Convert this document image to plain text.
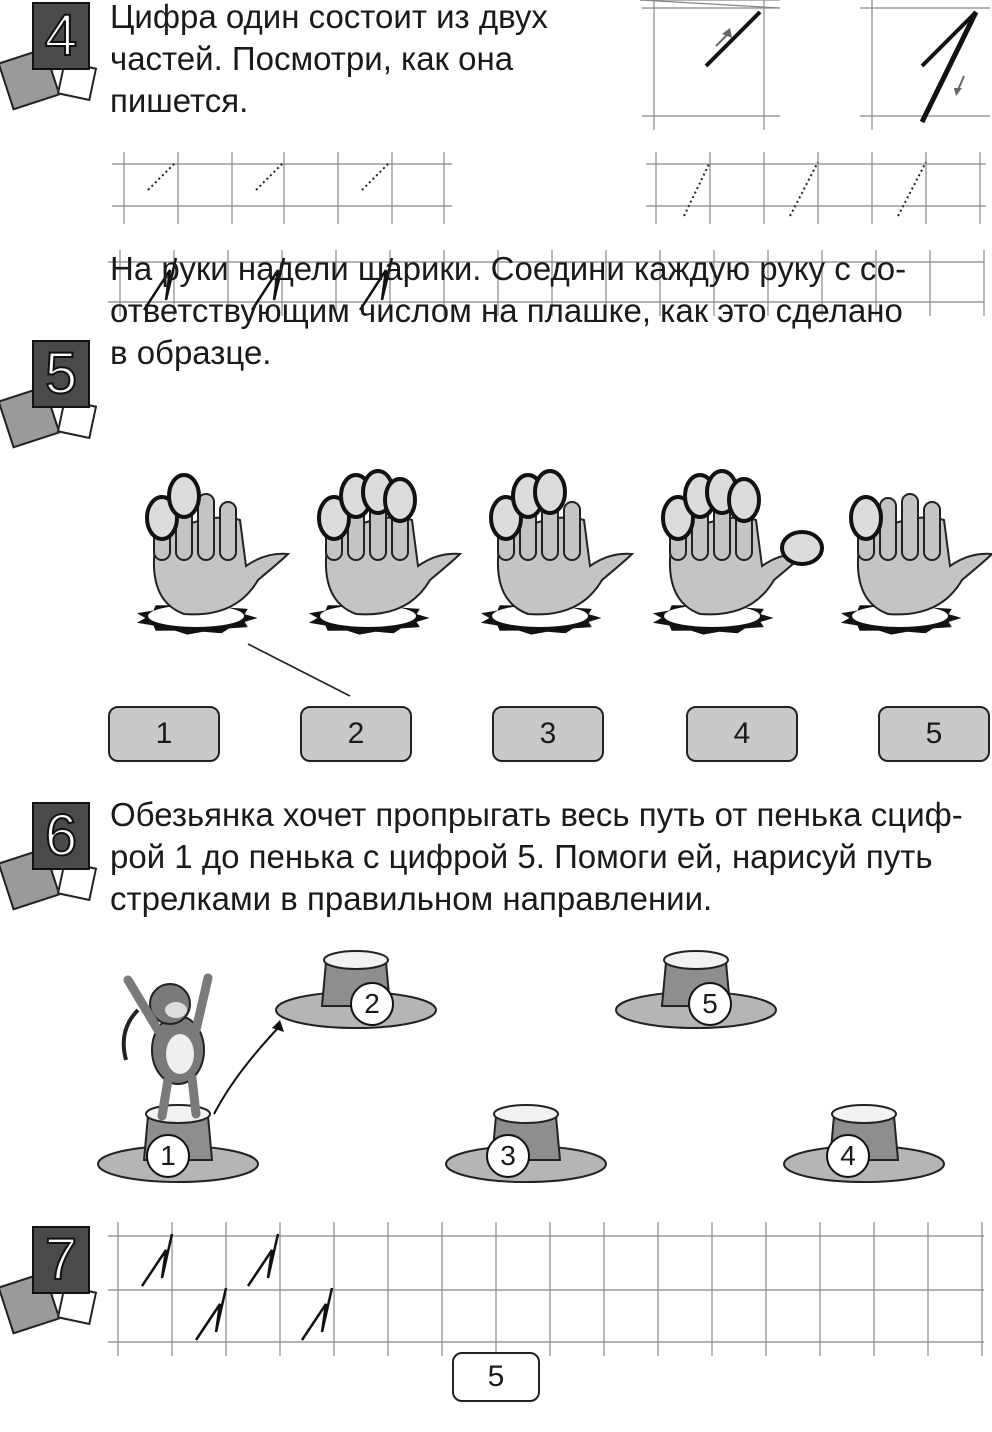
4 Цифра один состоит из двух
частей. Посмотри, как она
пишется.
5
На руки надели шарики. Соедини каждую руку с со-
ответствующим числом на плашке, как это сделано
в образце.
1	2	3	4	5
6 Обезьянка хочет пропрыгать весь путь от пенька сциф-
рой 1 до пенька с цифрой 5. Помоги ей, нарисуй путь
стрелками в правильном направлении.
1
2
3	4
5
7
5
